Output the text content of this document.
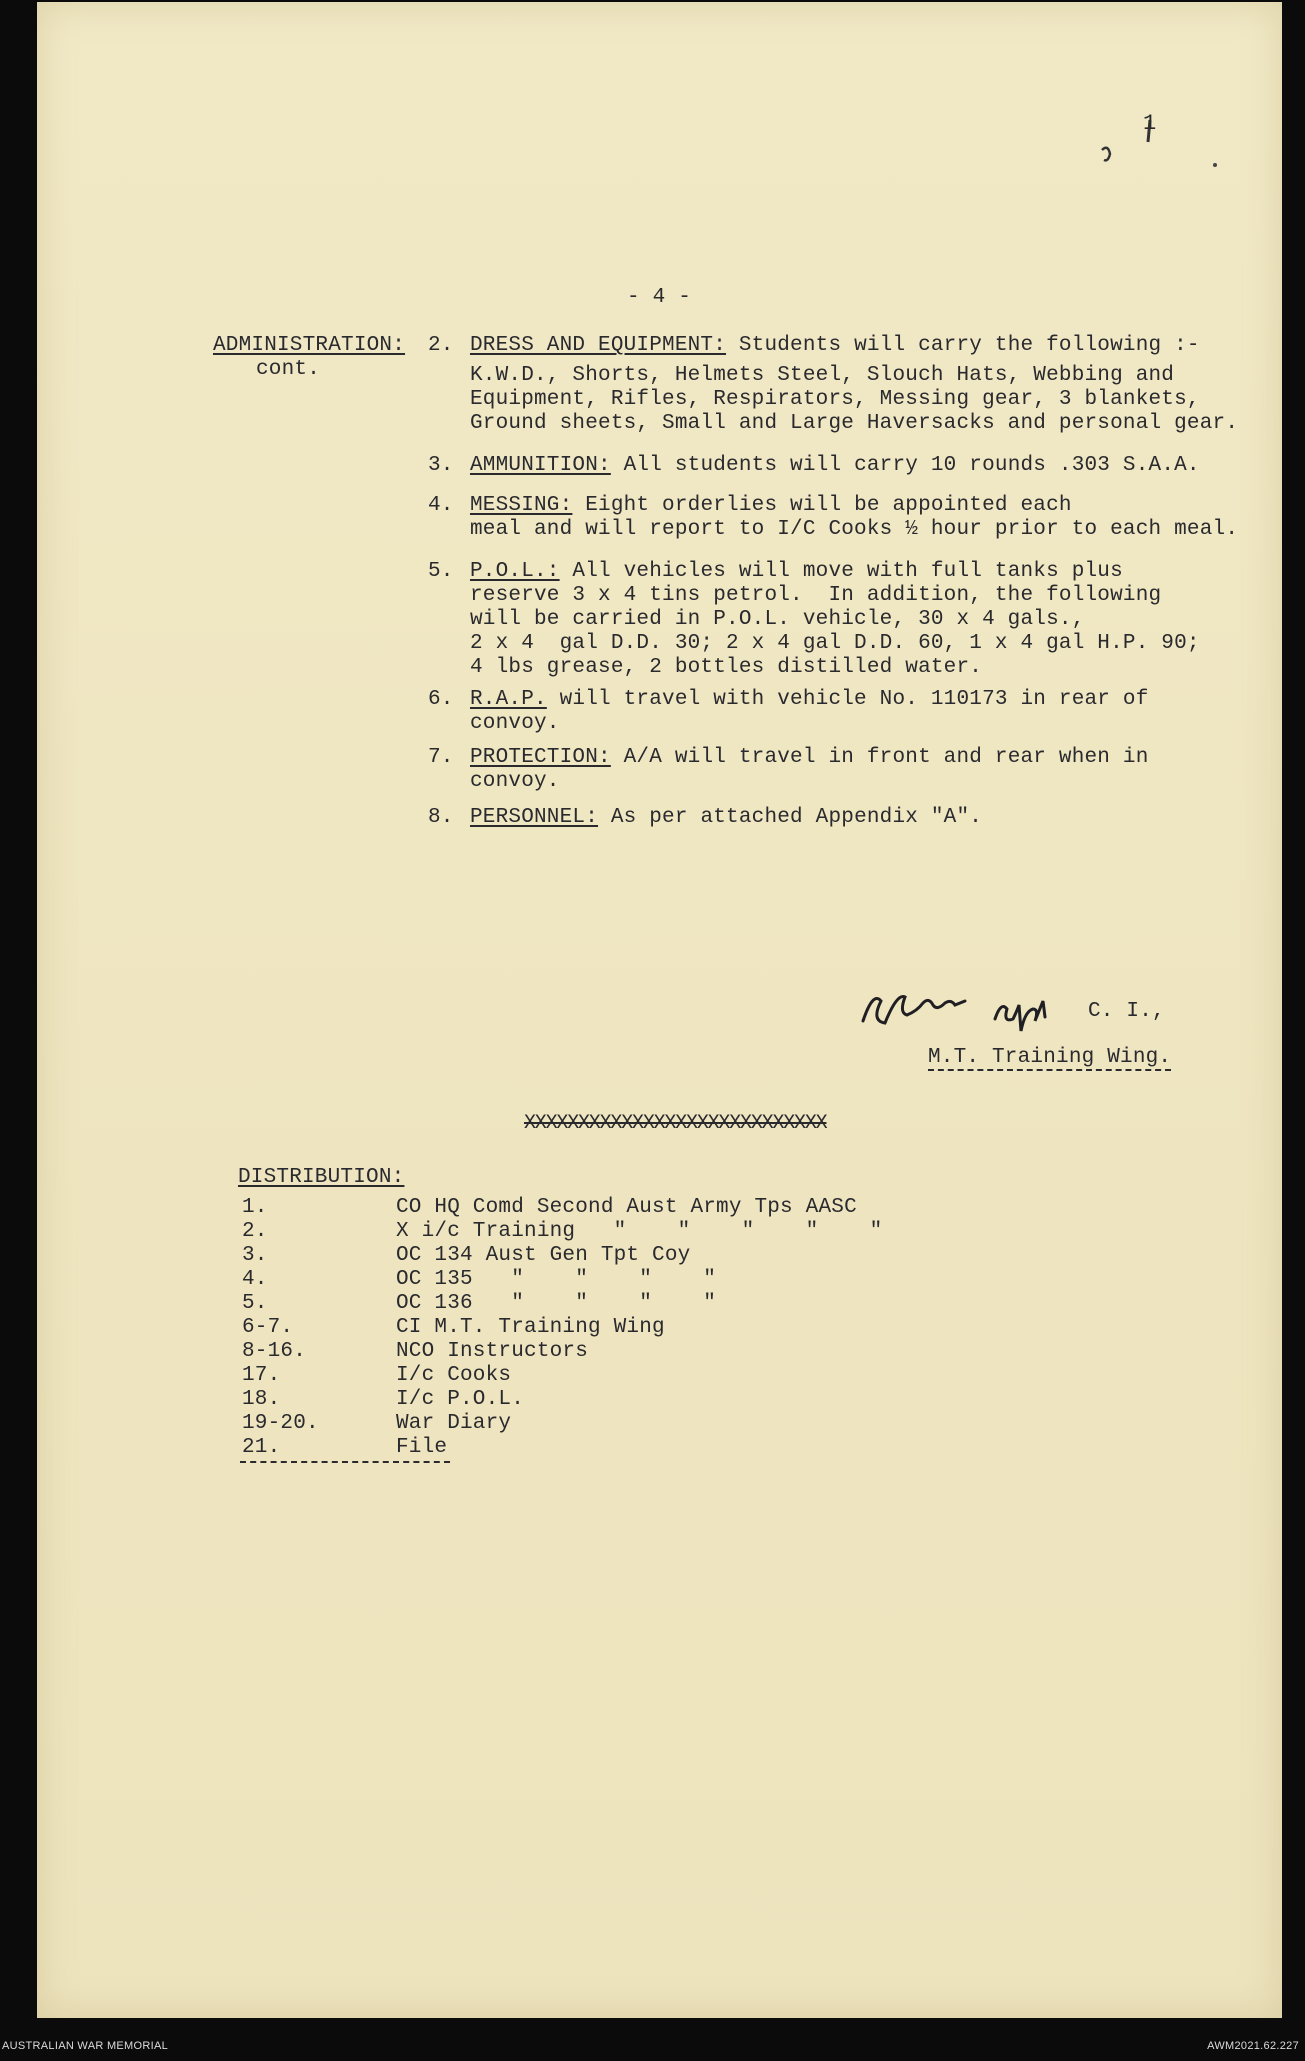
1
- 4 -
ADMINISTRATION:
cont.
2. DRESS AND EQUIPMENT: Students will carry the following :-
K.W.D., Shorts, Helmets Steel, Slouch Hats, Webbing and
Equipment, Rifles, Respirators, Messing gear, 3 blankets,
Ground sheets, Small and Large Haversacks and personal gear.
3. AMMUNITION: All students will carry 10 rounds .303 S.A.A.
4. MESSING: Eight orderlies will be appointed each
meal and will report to I/C Cooks ½ hour prior to each meal.
5. P.O.L.: All vehicles will move with full tanks plus
reserve 3 x 4 tins petrol.  In addition, the following
will be carried in P.O.L. vehicle, 30 x 4 gals.,
2 x 4  gal D.D. 30; 2 x 4 gal D.D. 60, 1 x 4 gal H.P. 90;
4 lbs grease, 2 bottles distilled water.
6. R.A.P. will travel with vehicle No. 110173 in rear of
convoy.
7. PROTECTION: A/A will travel in front and rear when in
convoy.
8. PERSONNEL: As per attached Appendix "A".
C. I.,
M.T. Training Wing.
XXXXXXXXXXXXXXXXXXXXXXXXXXXX
DISTRIBUTION:
1.	CO HQ Comd Second Aust Army Tps AASC
2.	X i/c Training   "    "    "    "    "
3.	OC 134 Aust Gen Tpt Coy
4.	OC 135   "    "    "    "
5.	OC 136   "    "    "    "
6-7.	CI M.T. Training Wing
8-16.	NCO Instructors
17.	I/c Cooks
18.	I/c P.O.L.
19-20.	War Diary
21.	File
AUSTRALIAN WAR MEMORIAL	AWM2021.62.227
